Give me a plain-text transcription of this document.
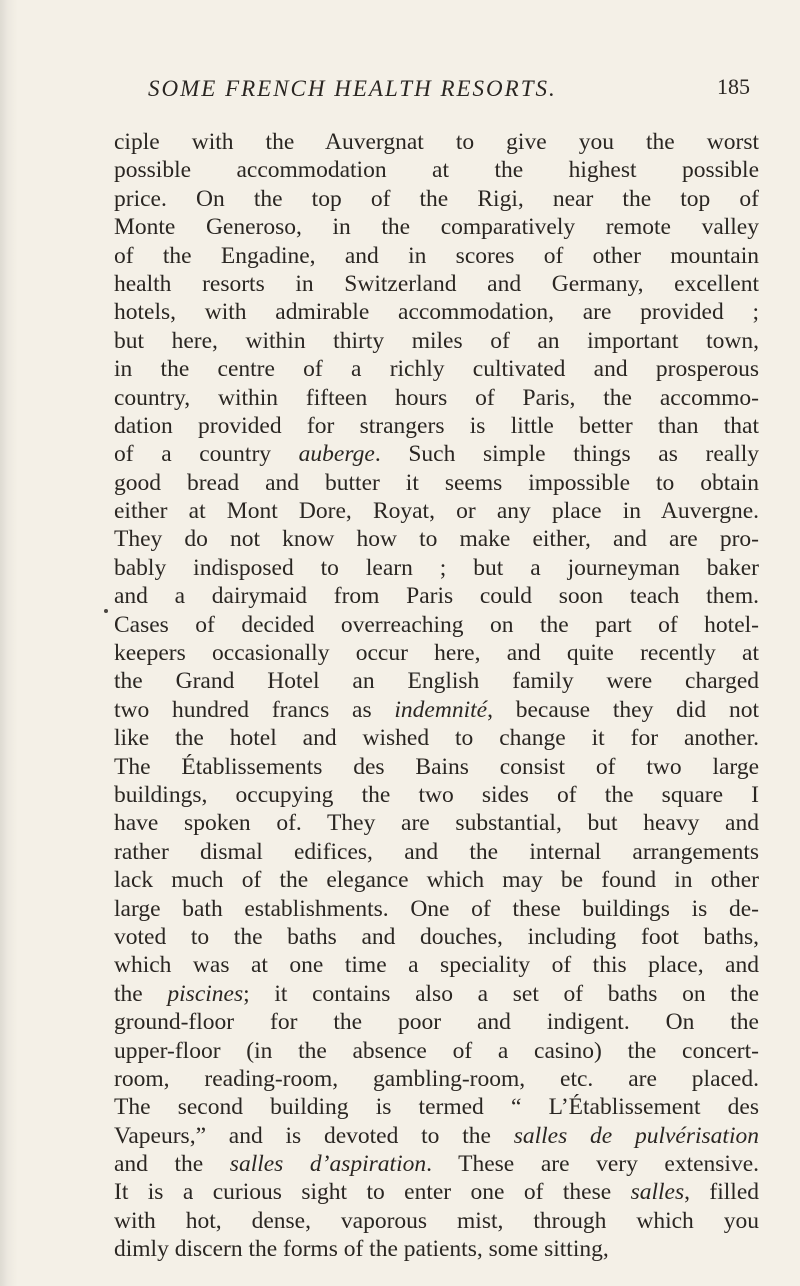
SOME FRENCH HEALTH RESORTS.	185
ciple with the Auvergnat to give you the worst
possible accommodation at the highest possible
price. On the top of the Rigi, near the top of
Monte Generoso, in the comparatively remote valley
of the Engadine, and in scores of other mountain
health resorts in Switzerland and Germany, excellent
hotels, with admirable accommodation, are provided ;
but here, within thirty miles of an important town,
in the centre of a richly cultivated and prosperous
country, within fifteen hours of Paris, the accommo-
dation provided for strangers is little better than that
of a country auberge. Such simple things as really
good bread and butter it seems impossible to obtain
either at Mont Dore, Royat, or any place in Auvergne.
They do not know how to make either, and are pro-
bably indisposed to learn ; but a journeyman baker
and a dairymaid from Paris could soon teach them.
Cases of decided overreaching on the part of hotel-
keepers occasionally occur here, and quite recently at
the Grand Hotel an English family were charged
two hundred francs as indemnité, because they did not
like the hotel and wished to change it for another.
The Établissements des Bains consist of two large
buildings, occupying the two sides of the square I
have spoken of. They are substantial, but heavy and
rather dismal edifices, and the internal arrangements
lack much of the elegance which may be found in other
large bath establishments. One of these buildings is de-
voted to the baths and douches, including foot baths,
which was at one time a speciality of this place, and
the piscines; it contains also a set of baths on the
ground-floor for the poor and indigent. On the
upper-floor (in the absence of a casino) the concert-
room, reading-room, gambling-room, etc. are placed.
The second building is termed “ L’Établissement des
Vapeurs,” and is devoted to the salles de pulvérisation
and the salles d’aspiration. These are very extensive.
It is a curious sight to enter one of these salles, filled
with hot, dense, vaporous mist, through which you
dimly discern the forms of the patients, some sitting,
